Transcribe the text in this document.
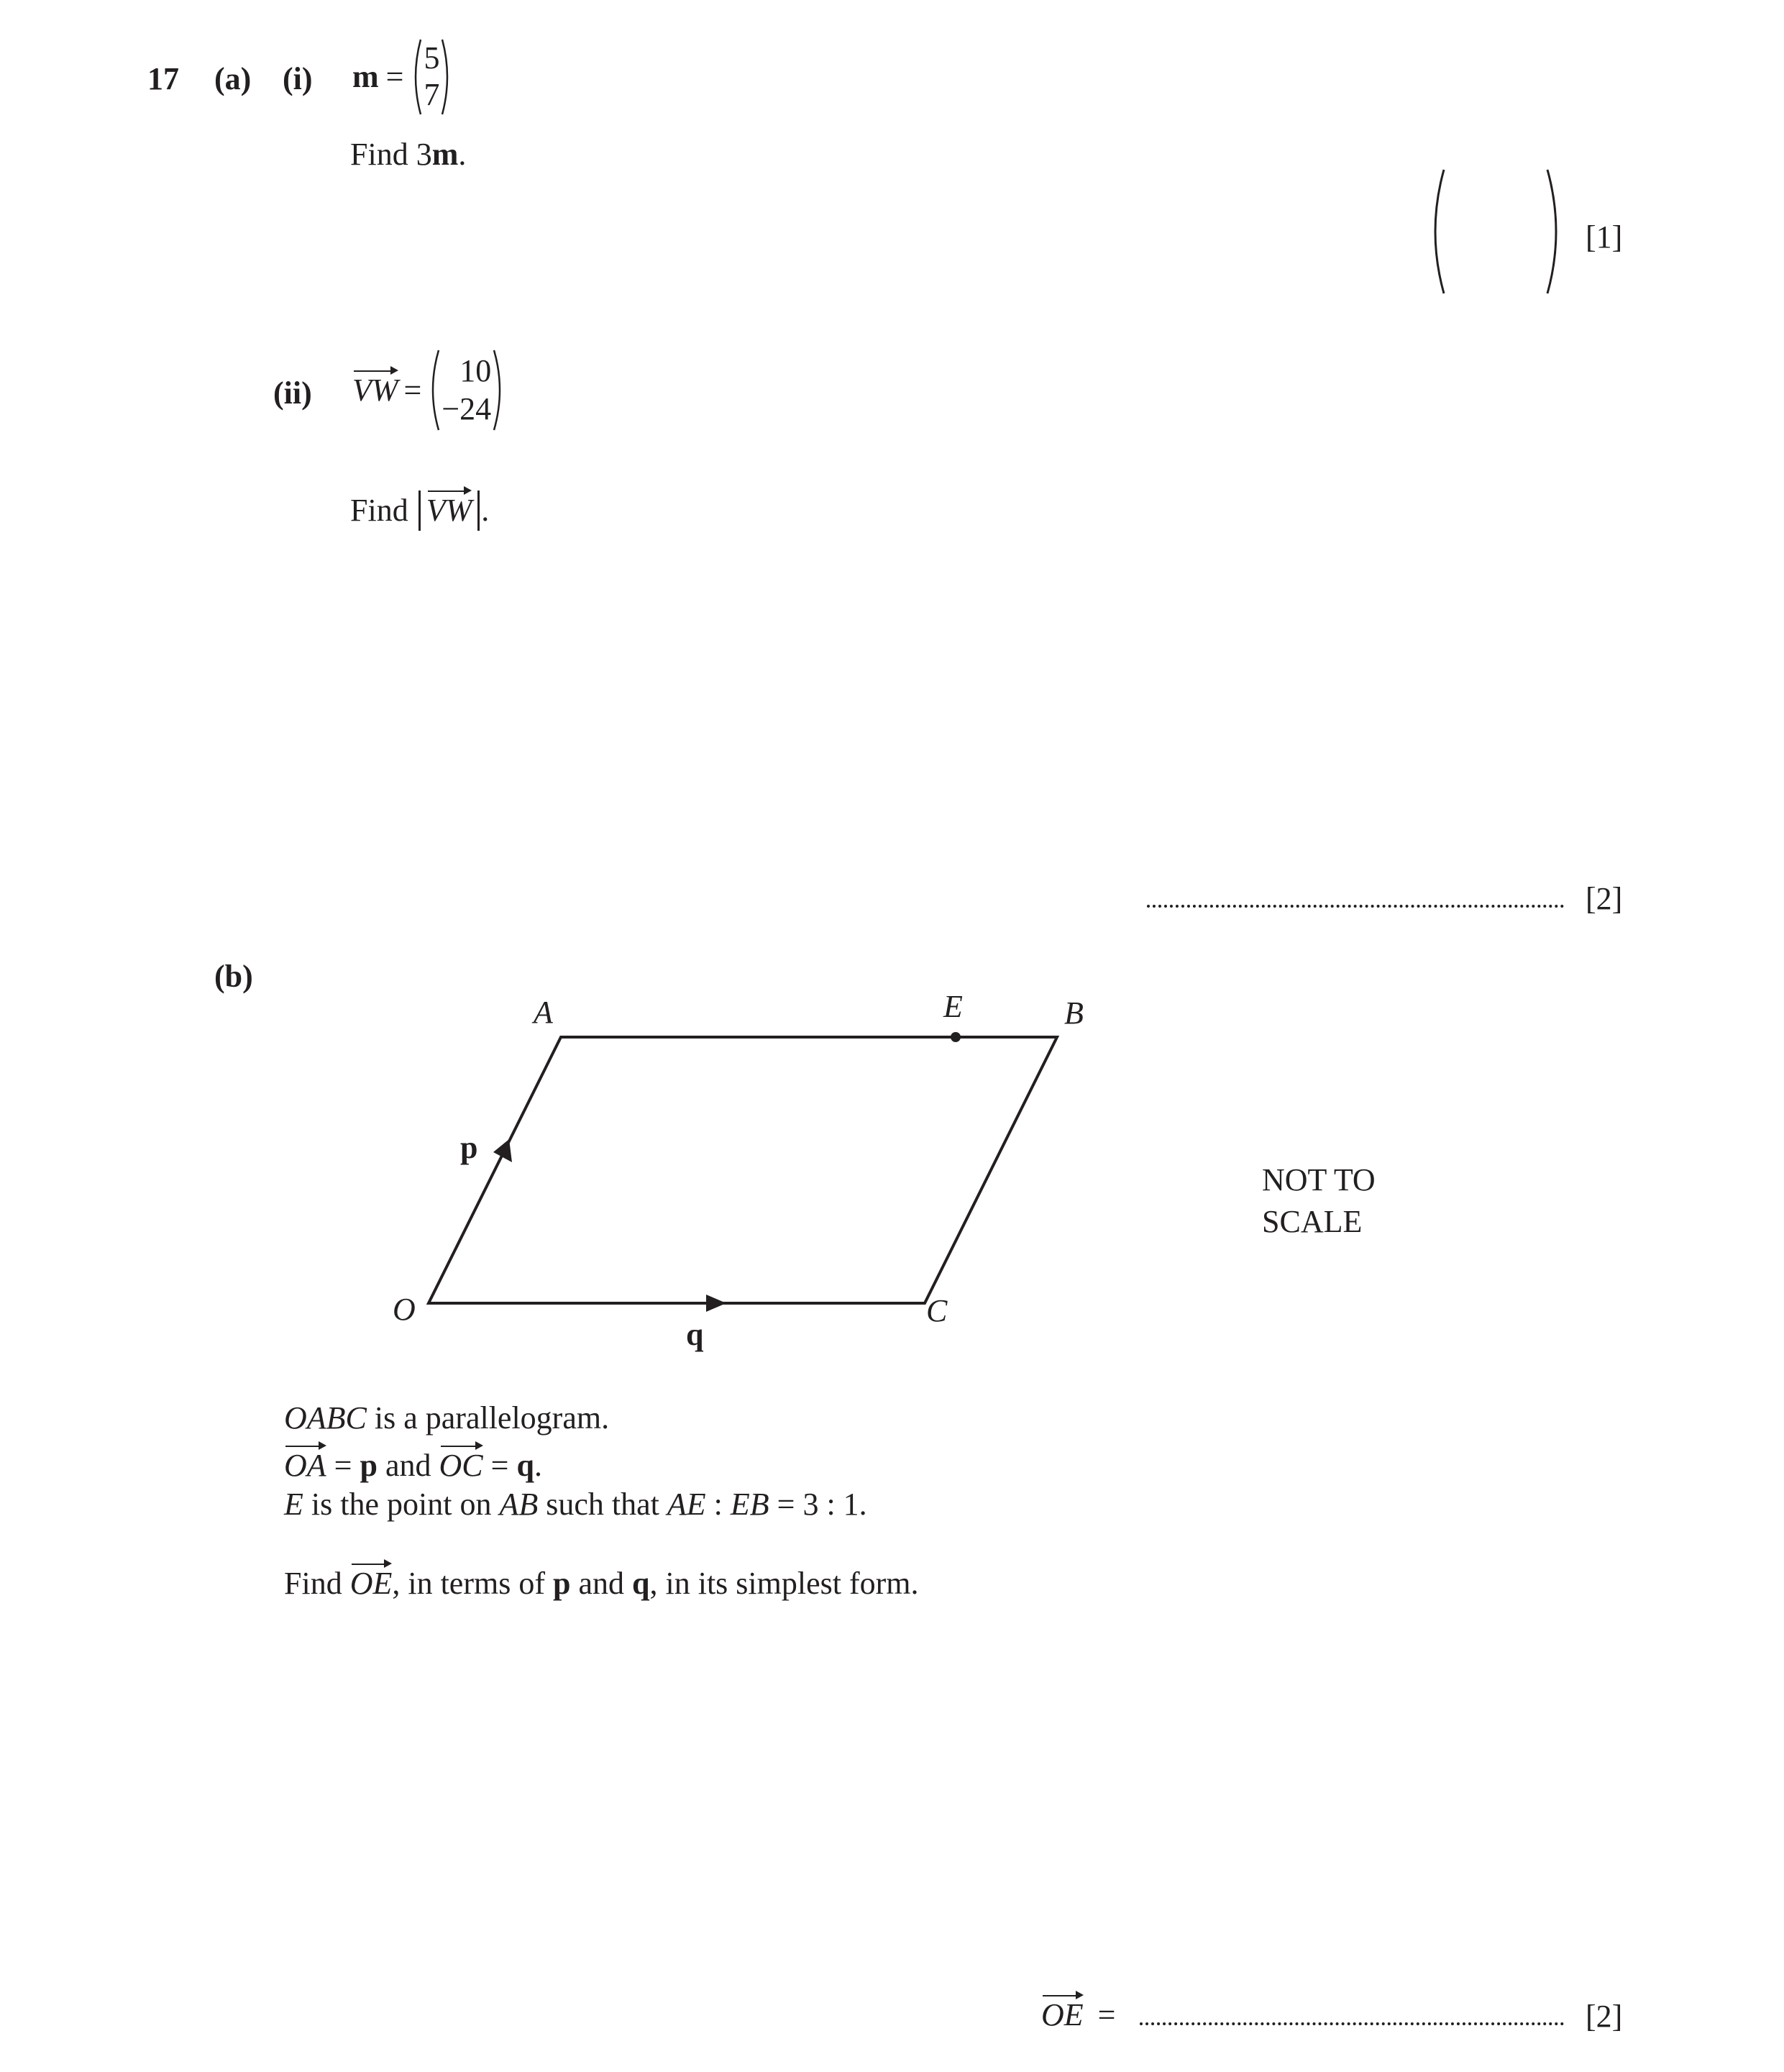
17 (a) (i) m =
5
7
Find 3m.
[1]
(ii) VW =
10
−24
Find VW .
[2]
(b)
A	E	B
O	C
p
q
NOT TO
SCALE
OABC is a parallelogram.
OA = p and OC = q.
E is the point on AB such that AE : EB = 3 : 1.
Find OE, in terms of p and q, in its simplest form.
OE =	[2]
